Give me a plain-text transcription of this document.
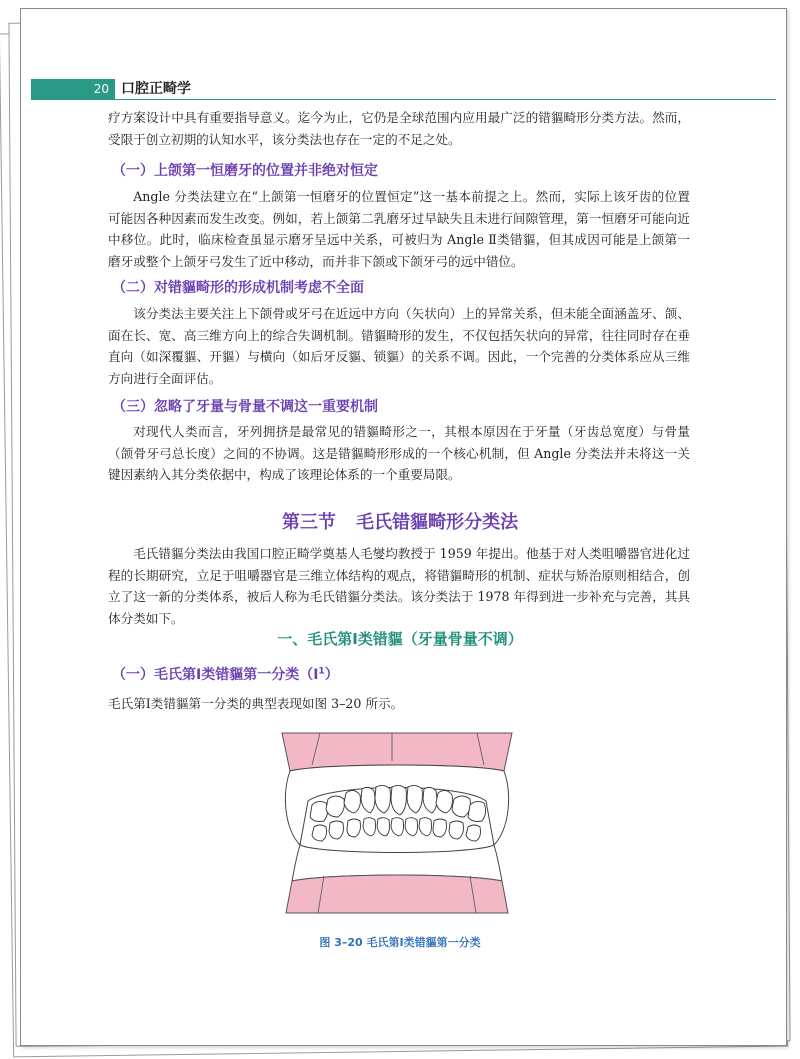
20 口腔正畸学

疗方案设计中具有重要指导意义。迄今为止，它仍是全球范围内应用最广泛的错貙畸形分类方法。然而，受限于创立初期的认知水平，该分类法也存在一定的不足之处。

（一）上颌第一恒磨牙的位置并非绝对恒定

Angle 分类法建立在“上颌第一恒磨牙的位置恒定”这一基本前提之上。然而，实际上该牙齿的位置可能因各种因素而发生改变。例如，若上颌第二乳磨牙过早缺失且未进行间隙管理，第一恒磨牙可能向近中移位。此时，临床检查虽显示磨牙呈远中关系，可被归为 Angle Ⅱ类错貙，但其成因可能是上颌第一磨牙或整个上颌牙弓发生了近中移动，而并非下颌或下颌牙弓的远中错位。

（二）对错貙畸形的形成机制考虑不全面

该分类法主要关注上下颌骨或牙弓在近远中方向（矢状向）上的异常关系，但未能全面涵盖牙、颌、面在长、宽、高三维方向上的综合失调机制。错貙畸形的发生，不仅包括矢状向的异常，往往同时存在垂直向（如深覆貙、开貙）与横向（如后牙反貙、锁貙）的关系不调。因此，一个完善的分类体系应从三维方向进行全面评估。

（三）忽略了牙量与骨量不调这一重要机制

对现代人类而言，牙列拥挤是最常见的错貙畸形之一，其根本原因在于牙量（牙齿总宽度）与骨量（颌骨牙弓总长度）之间的不协调。这是错貙畸形形成的一个核心机制，但 Angle 分类法并未将这一关键因素纳入其分类依据中，构成了该理论体系的一个重要局限。

第三节 毛氏错貙畸形分类法

毛氏错貙分类法由我国口腔正畸学奠基人毛燮均教授于 1959 年提出。他基于对人类咀嚼器官进化过程的长期研究，立足于咀嚼器官是三维立体结构的观点，将错貙畸形的机制、症状与矫治原则相结合，创立了这一新的分类体系，被后人称为毛氏错貙分类法。该分类法于 1978 年得到进一步补充与完善，其具体分类如下。

一、毛氏第Ⅰ类错貙（牙量骨量不调）

（一）毛氏第Ⅰ类错貙第一分类（Ⅰ$^1$）

毛氏第Ⅰ类错貙第一分类的典型表现如图 3–20 所示。

图 3–20 毛氏第Ⅰ类错貙第一分类
